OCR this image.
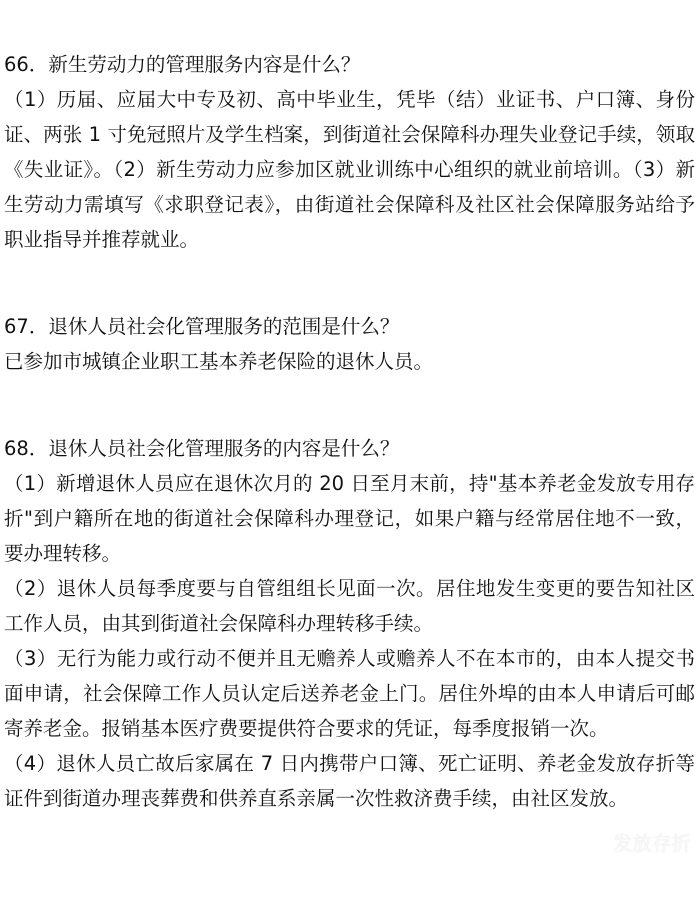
66．新生劳动力的管理服务内容是什么？

（1）历届、应届大中专及初、高中毕业生，凭毕（结）业证书、户口簿、身份证、两张 1 寸免冠照片及学生档案，到街道社会保障科办理失业登记手续，领取《失业证》。（2）新生劳动力应参加区就业训练中心组织的就业前培训。（3）新生劳动力需填写《求职登记表》，由街道社会保障科及社区社会保障服务站给予职业指导并推荐就业。

67．退休人员社会化管理服务的范围是什么？

已参加市城镇企业职工基本养老保险的退休人员。

68．退休人员社会化管理服务的内容是什么？

（1）新增退休人员应在退休次月的 20 日至月末前，持"基本养老金发放专用存折"到户籍所在地的街道社会保障科办理登记，如果户籍与经常居住地不一致，要办理转移。

（2）退休人员每季度要与自管组组长见面一次。居住地发生变更的要告知社区工作人员，由其到街道社会保障科办理转移手续。

（3）无行为能力或行动不便并且无赡养人或赡养人不在本市的，由本人提交书面申请，社会保障工作人员认定后送养老金上门。居住外埠的由本人申请后可邮寄养老金。报销基本医疗费要提供符合要求的凭证，每季度报销一次。

（4）退休人员亡故后家属在 7 日内携带户口簿、死亡证明、养老金发放存折等证件到街道办理丧葬费和供养直系亲属一次性救济费手续，由社区发放。

发放存折
